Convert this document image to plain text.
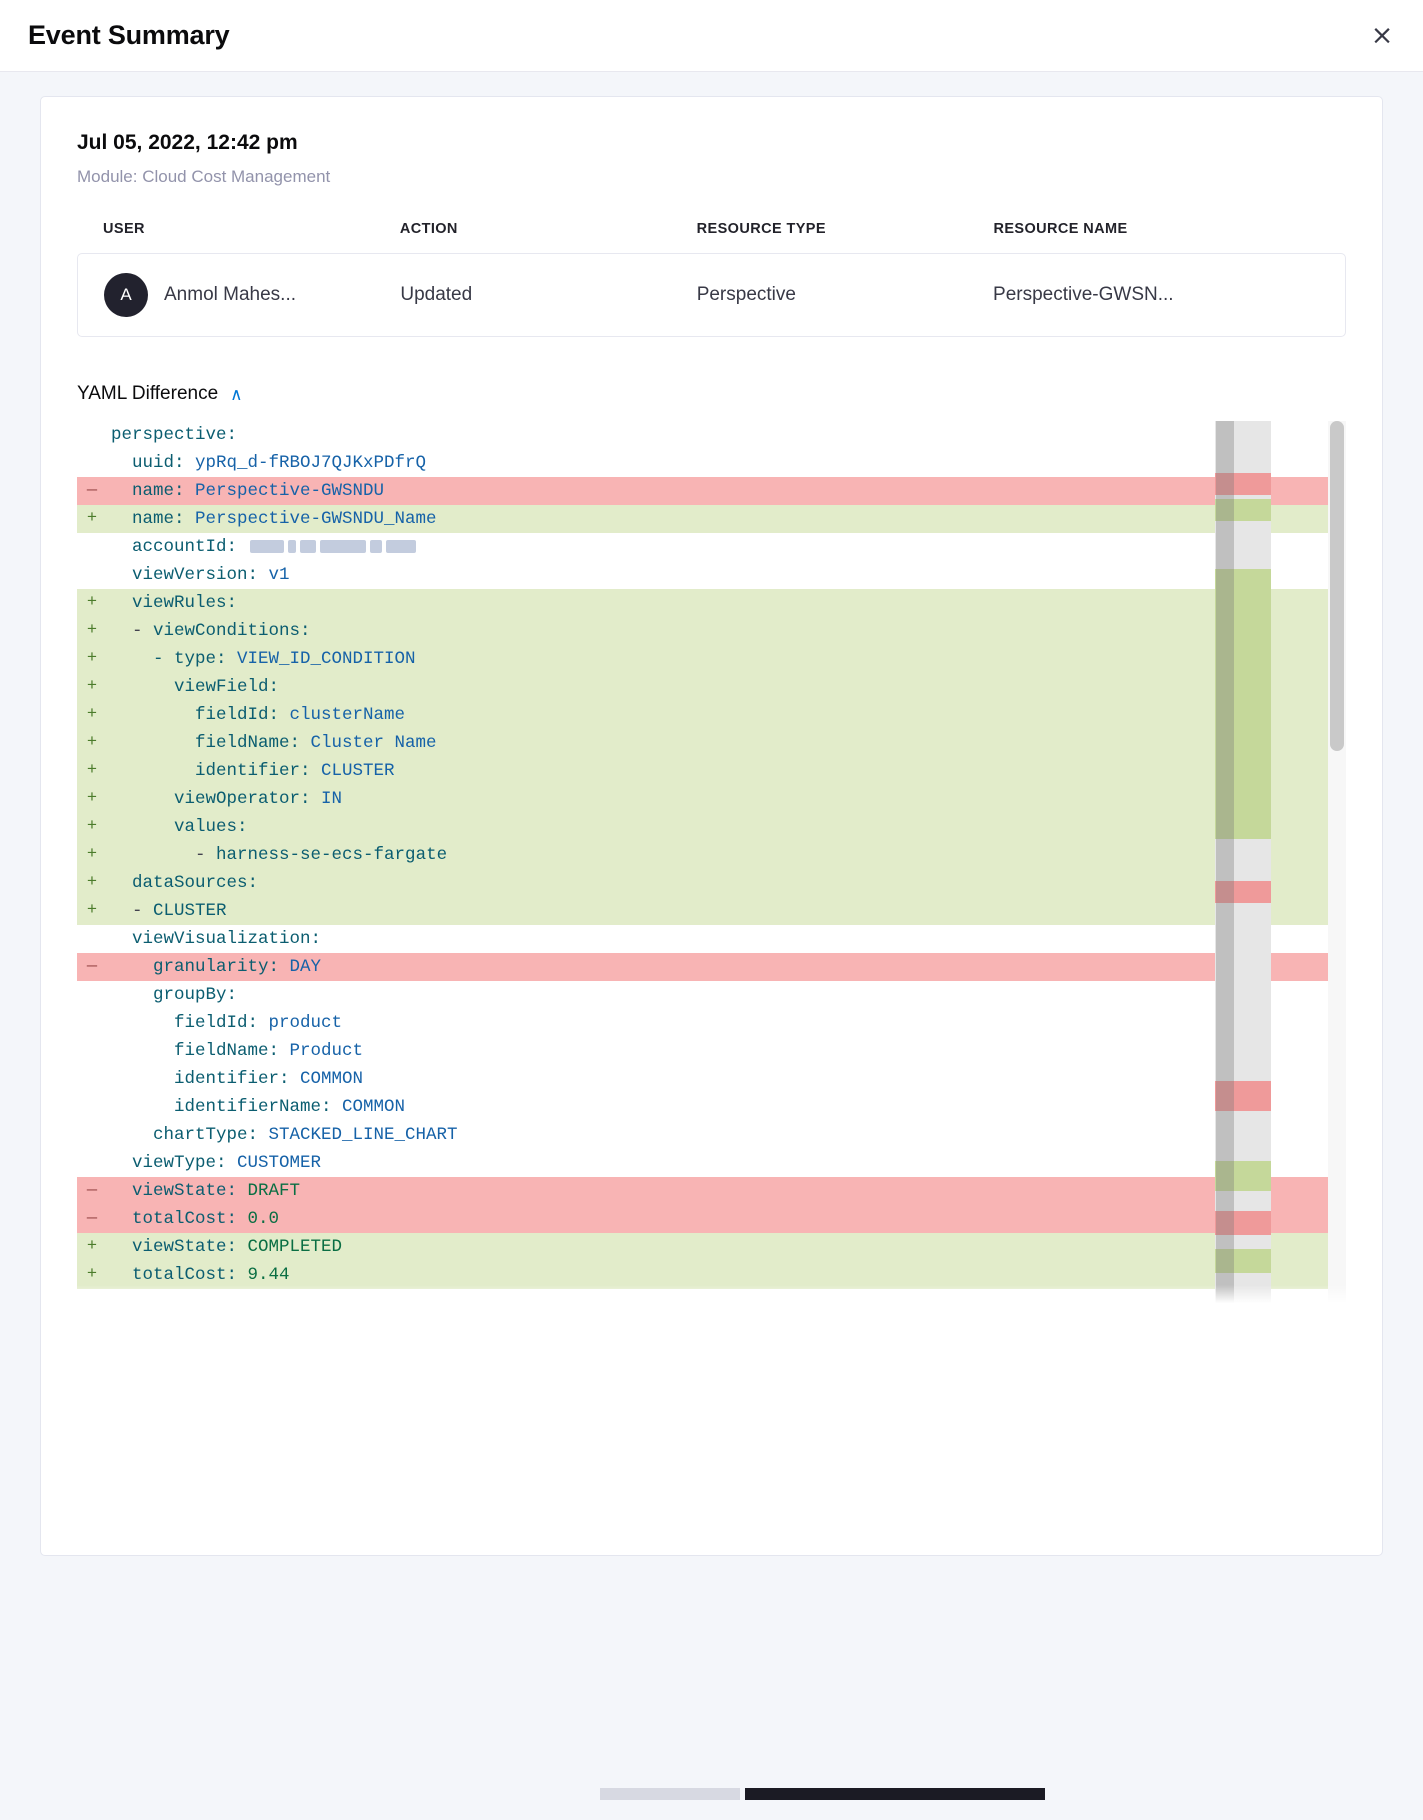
Event Summary	×
Jul 05, 2022, 12:42 pm
Module: Cloud Cost Management
USER	ACTION	RESOURCE TYPE	RESOURCE NAME
A	Anmol Mahes...	Updated	Perspective	Perspective-GWSN...
YAML Difference ∧
perspective:
uuid: ypRq_d-fRBOJ7QJKxPDfrQ
— name: Perspective-GWSNDU
+ name: Perspective-GWSNDU_Name
accountId:
viewVersion: v1
+ viewRules:
+ - viewConditions:
+ - type: VIEW_ID_CONDITION
+ viewField:
+ fieldId: clusterName
+ fieldName: Cluster Name
+ identifier: CLUSTER
+ viewOperator: IN
+ values:
+ - harness-se-ecs-fargate
+ dataSources:
+ - CLUSTER
viewVisualization:
— granularity: DAY
groupBy:
fieldId: product
fieldName: Product
identifier: COMMON
identifierName: COMMON
chartType: STACKED_LINE_CHART
viewType: CUSTOMER
— viewState: DRAFT
— totalCost: 0.0
+ viewState: COMPLETED
+ totalCost: 9.44
